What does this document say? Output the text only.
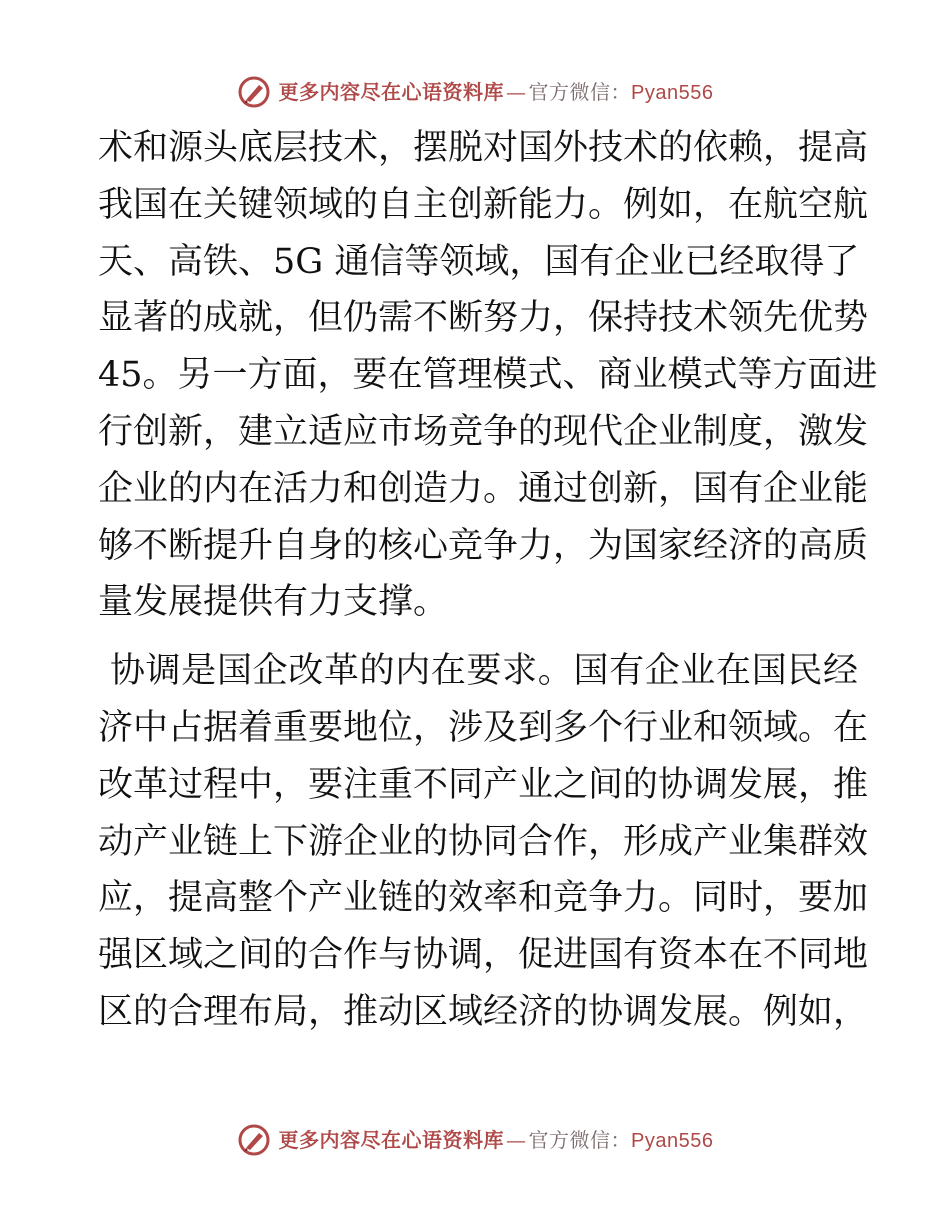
更多内容尽在心语资料库 — 官方微信： Pyan556
术和源头底层技术，摆脱对国外技术的依赖，提高
我国在关键领域的自主创新能力。例如，在航空航
天、高铁、5G 通信等领域，国有企业已经取得了
显著的成就，但仍需不断努力，保持技术领先优势
45。另一方面，要在管理模式、商业模式等方面进
行创新，建立适应市场竞争的现代企业制度，激发
企业的内在活力和创造力。通过创新，国有企业能
够不断提升自身的核心竞争力，为国家经济的高质
量发展提供有力支撑。
协调是国企改革的内在要求。国有企业在国民经
济中占据着重要地位，涉及到多个行业和领域。在
改革过程中，要注重不同产业之间的协调发展，推
动产业链上下游企业的协同合作，形成产业集群效
应，提高整个产业链的效率和竞争力。同时，要加
强区域之间的合作与协调，促进国有资本在不同地
区的合理布局，推动区域经济的协调发展。例如，
更多内容尽在心语资料库 — 官方微信： Pyan556
